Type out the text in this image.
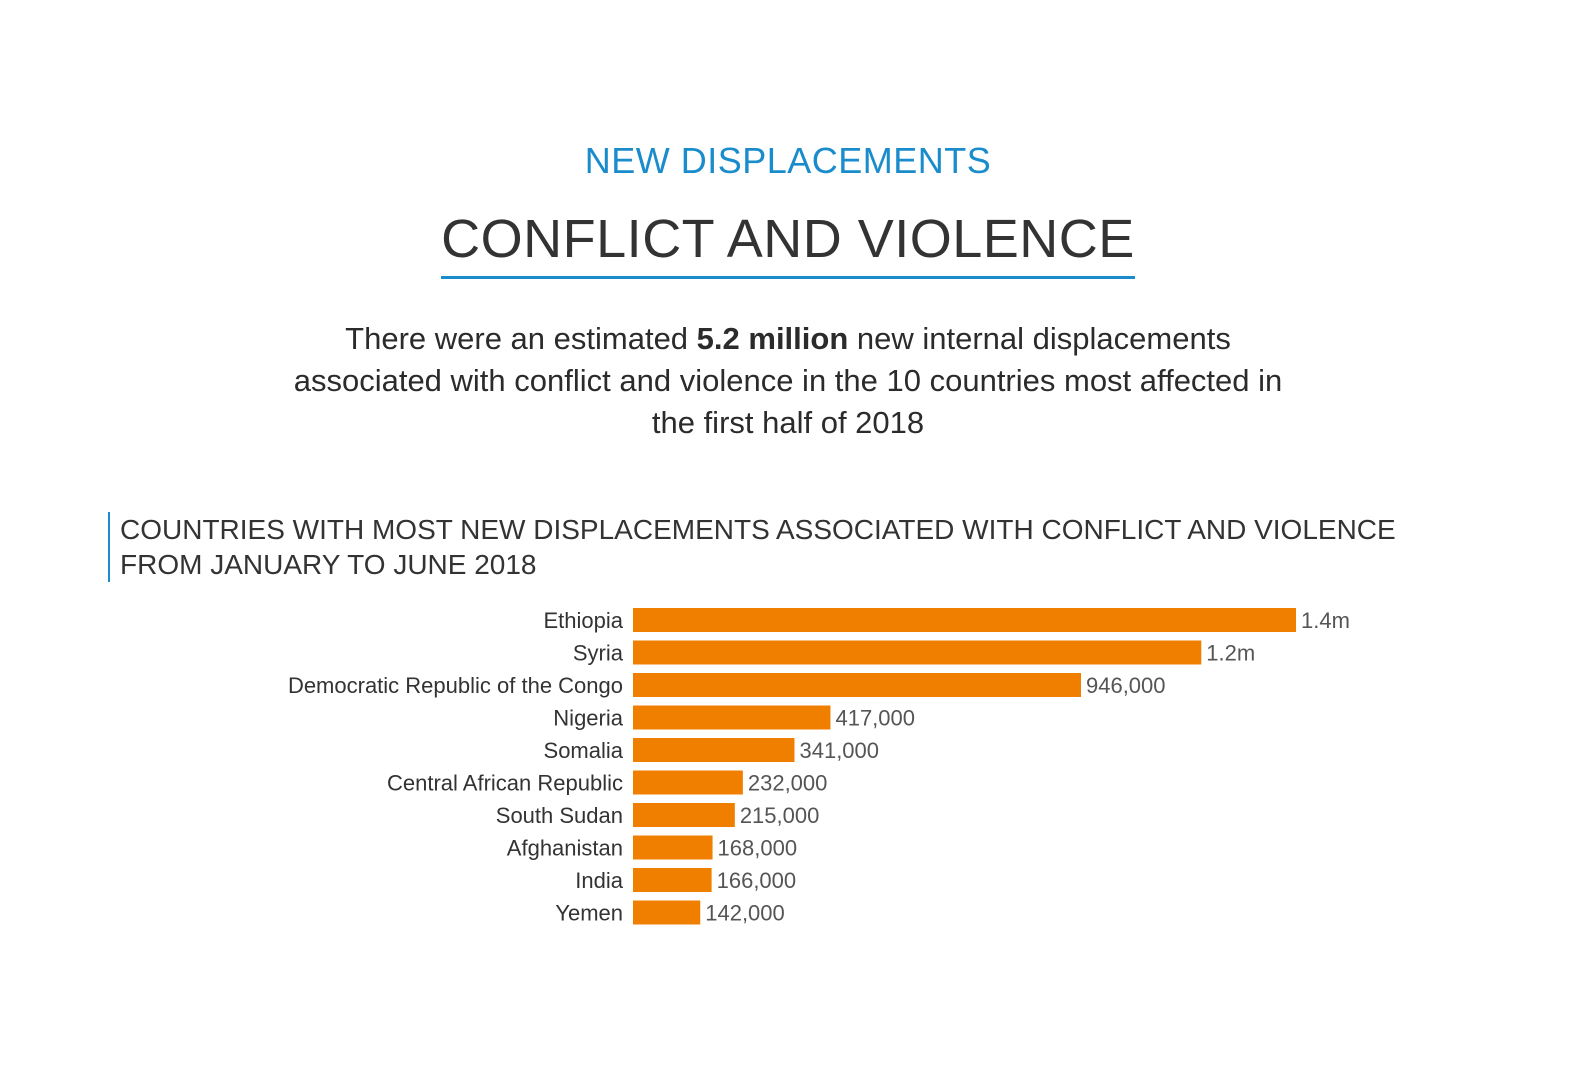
NEW DISPLACEMENTS
CONFLICT AND VIOLENCE
There were an estimated 5.2 million new internal displacements associated with conflict and violence in the 10 countries most affected in the first half of 2018
COUNTRIES WITH MOST NEW DISPLACEMENTS ASSOCIATED WITH CONFLICT AND VIOLENCE
FROM JANUARY TO JUNE 2018
Ethiopia	1.4m
Syria	1.2m
Democratic Republic of the Congo	946,000
Nigeria	417,000
Somalia	341,000
Central African Republic	232,000
South Sudan	215,000
Afghanistan	168,000
India	166,000
Yemen	142,000
